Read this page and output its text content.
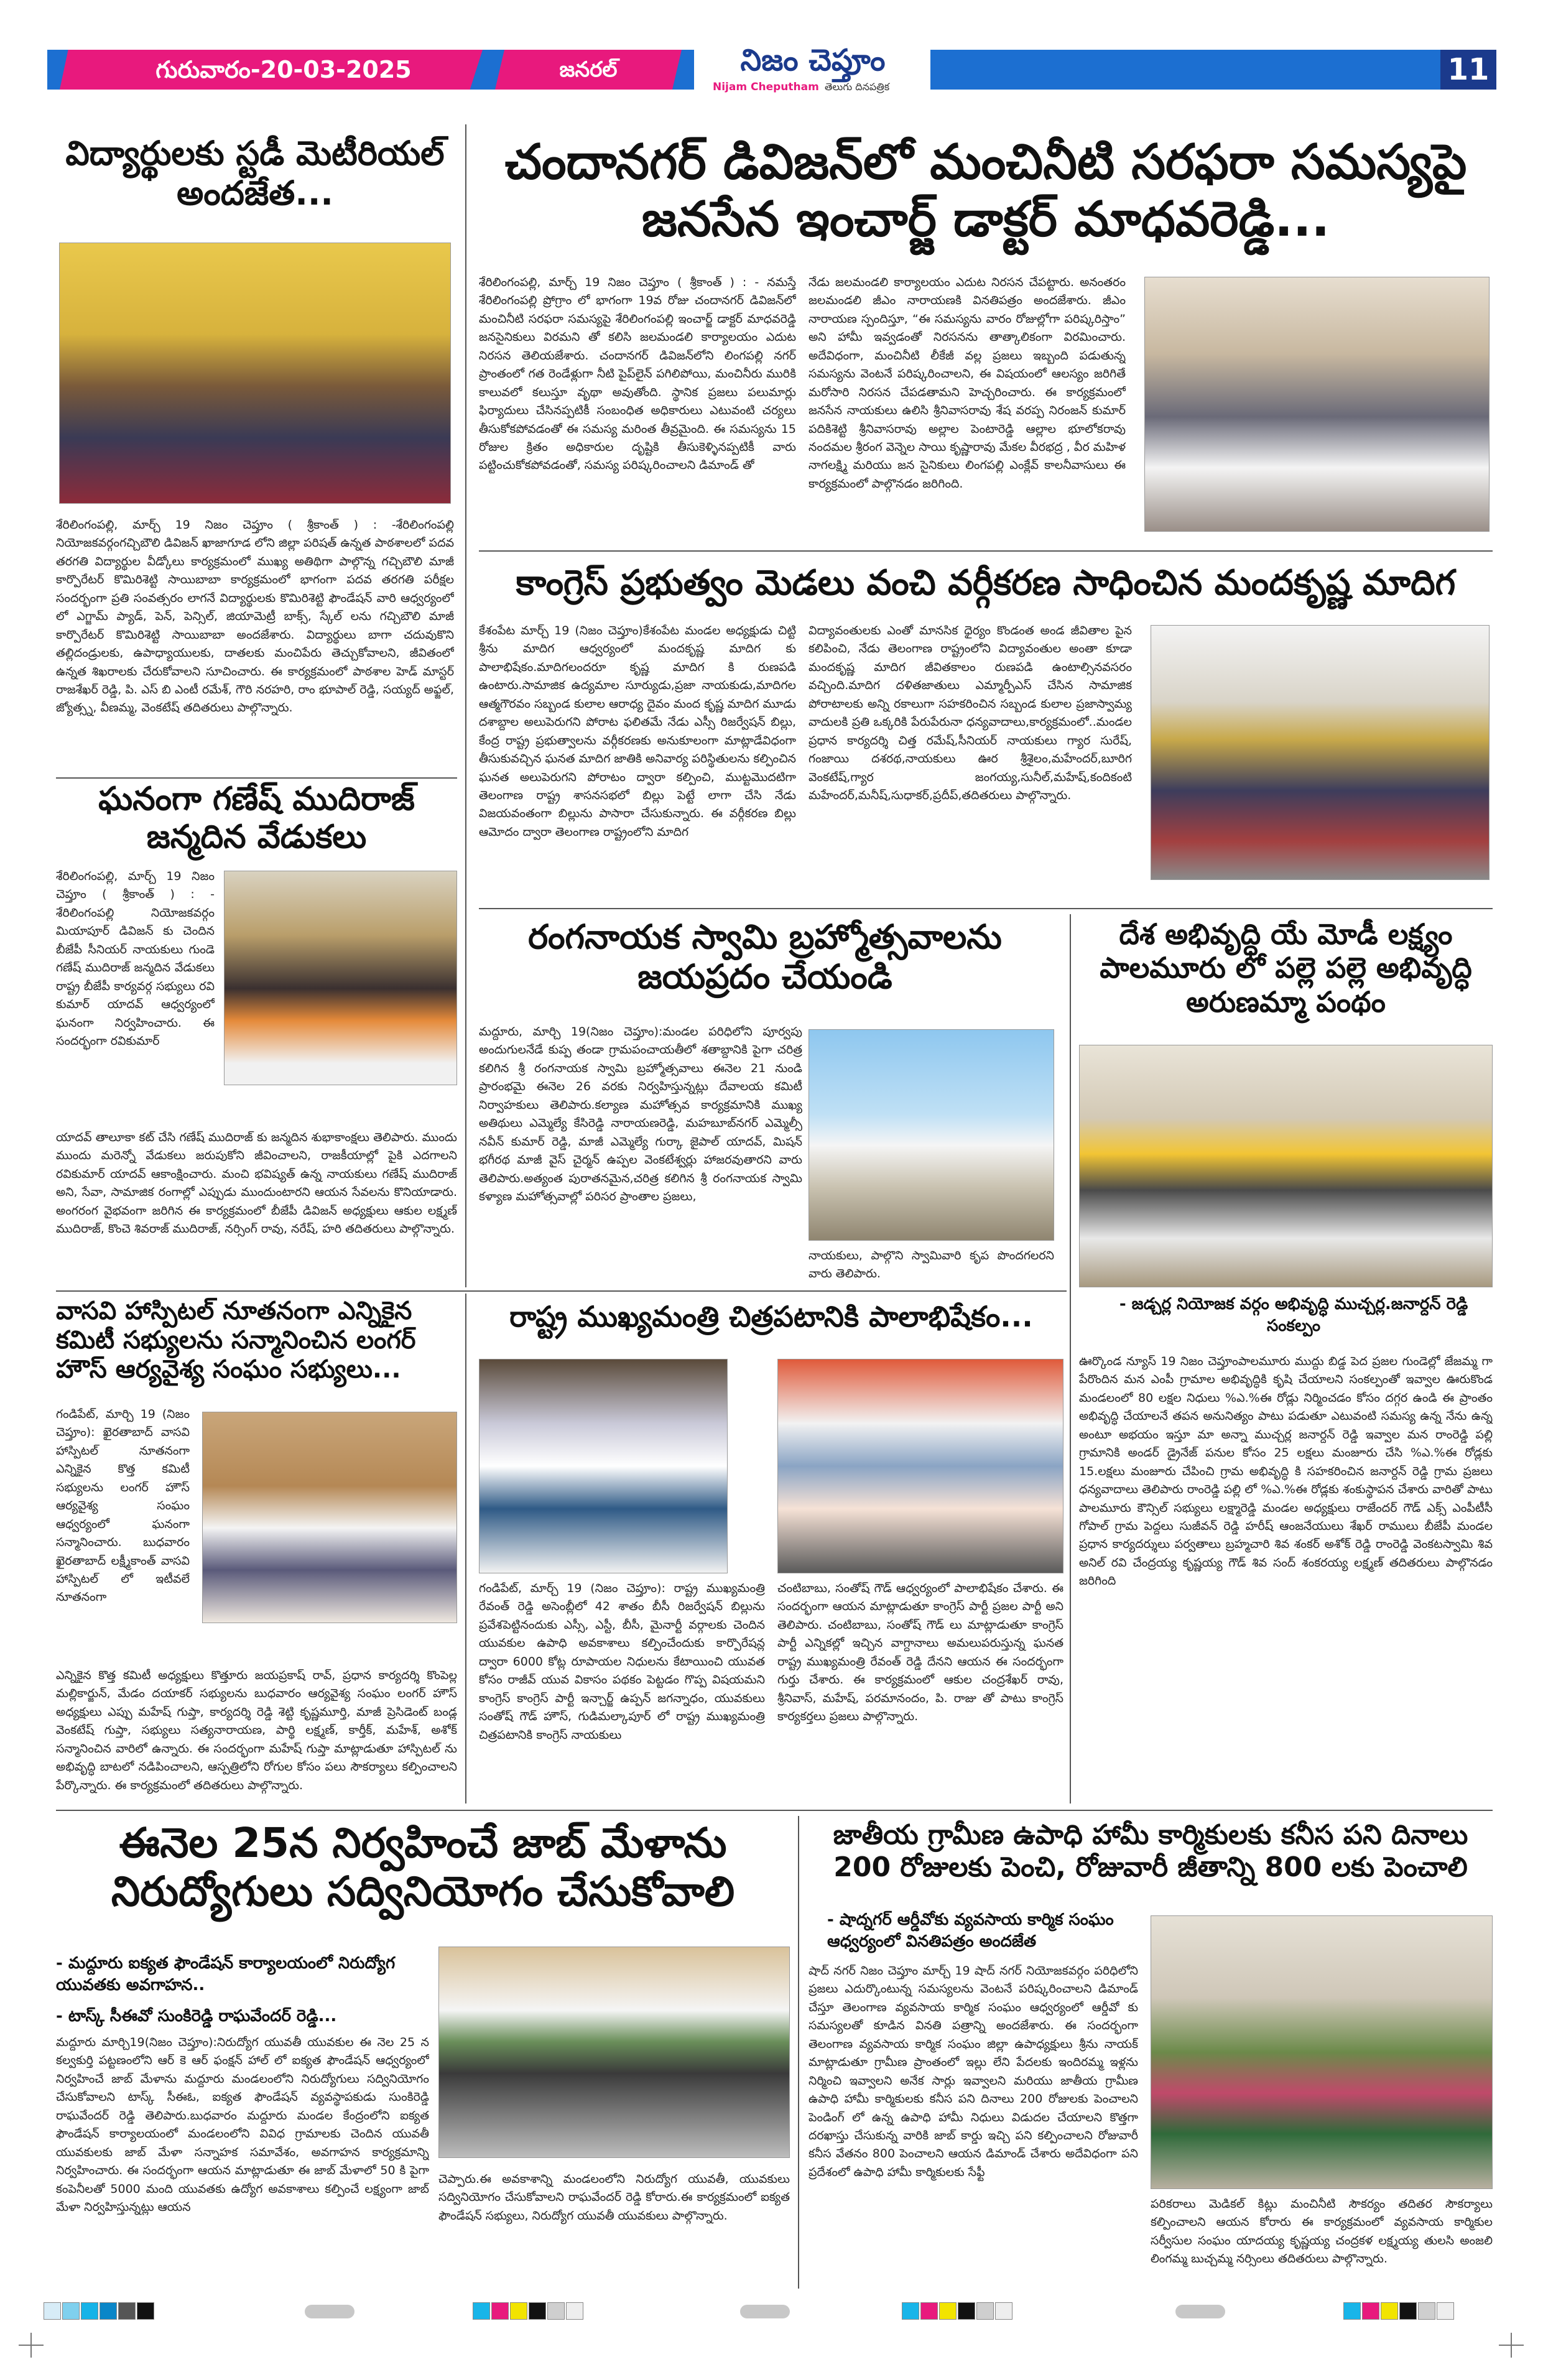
గురువారం-20-03-2025	జనరల్	నిజం చెప్తూం
Nijam Cheputham తెలుగు దినపత్రిక	11
విద్యార్థులకు స్టడీ మెటీరియల్ అందజేత...
శేరిలింగంపల్లి, మార్చ్ 19 నిజం చెప్తూం ( శ్రీకాంత్ ) : -శేరిలింగంపల్లి నియోజకవర్గంగచ్చిబౌలి డివిజన్ ఖాజాగూడ లోని జిల్లా పరిషత్ ఉన్నత పాఠశాలలో పదవ తరగతి విద్యార్థుల వీడ్కోలు కార్యక్రమంలో ముఖ్య అతిథిగా పాల్గొన్న గచ్చిబౌలి మాజీ కార్పొరేటర్ కొమిరిశెట్టి సాయిబాబా కార్యక్రమంలో భాగంగా పదవ తరగతి పరీక్షల సందర్భంగా ప్రతి సంవత్సరం లాగనే విద్యార్థులకు కొమిరిశెట్టి ఫౌండేషన్ వారి ఆధ్వర్యంలో లో ఎగ్జామ్ ప్యాడ్, పెన్, పెన్సిల్, జియామెట్రీ బాక్స్, స్కేల్ లను గచ్చిబౌలి మాజీ కార్పొరేటర్ కొమిరిశెట్టి సాయిబాబా అందజేశారు. విద్యార్థులు బాగా చదువుకొని తల్లిదండ్రులకు, ఉపాధ్యాయులకు, దాతలకు మంచిపేరు తెచ్చుకోవాలని, జీవితంలో ఉన్నత శిఖరాలకు చేరుకోవాలని సూచించారు. ఈ కార్యక్రమంలో పాఠశాల హెడ్ మాస్టర్ రాజశేఖర్ రెడ్డి, పి. ఎస్ బి ఎంటీ రమేశ్, గౌరి నరహరి, రాం భూపాల్ రెడ్డి, సయ్యద్ అఫ్జల్, జ్యోత్స్న, వీణమ్మ, వెంకటేష్ తదితరులు పాల్గొన్నారు.
చందానగర్ డివిజన్‌లో మంచినీటి సరఫరా సమస్యపై జనసేన ఇంచార్జ్ డాక్టర్ మాధవరెడ్డి...
శేరిలింగంపల్లి, మార్చ్ 19 నిజం చెప్తూం ( శ్రీకాంత్ ) : - నమస్తే శేరిలింగంపల్లి ప్రోగ్రాం లో భాగంగా 19వ రోజు చందానగర్ డివిజన్‌లో మంచినీటి సరఫరా సమస్యపై శేరిలింగంపల్లి ఇంచార్జ్ డాక్టర్ మాధవరెడ్డి జనసైనికులు విరమని తో కలిసి జలమండలి కార్యాలయం ఎదుట నిరసన తెలియజేశారు. చందానగర్ డివిజన్‌లోని లింగపల్లి నగర్ ప్రాంతంలో గత రెండేళ్లుగా నీటి పైప్‌లైన్ పగిలిపోయి, మంచినీరు మురికి కాలువలో కలుస్తూ వృథా అవుతోంది. స్థానిక ప్రజలు పలుమార్లు ఫిర్యాదులు చేసినప్పటికీ సంబంధిత అధికారులు ఎటువంటి చర్యలు తీసుకోకపోవడంతో ఈ సమస్య మరింత తీవ్రమైంది. ఈ సమస్యను 15 రోజుల క్రితం అధికారుల దృష్టికి తీసుకెళ్ళినప్పటికీ వారు పట్టించుకోకపోవడంతో, సమస్య పరిష్కరించాలని డిమాండ్ తో
నేడు జలమండలి కార్యాలయం ఎదుట నిరసన చేపట్టారు. అనంతరం జలమండలి జీఎం నారాయణకి వినతిపత్రం అందజేశారు. జీఎం నారాయణ స్పందిస్తూ, “ఈ సమస్యను వారం రోజుల్లోగా పరిష్కరిస్తాం” అని హామీ ఇవ్వడంతో నిరసనను తాత్కాలికంగా విరమించారు. అదేవిధంగా, మంచినీటి లీకేజీ వల్ల ప్రజలు ఇబ్బంది పడుతున్న సమస్యను వెంటనే పరిష్కరించాలని, ఈ విషయంలో ఆలస్యం జరిగితే మరోసారి నిరసన చేపడతామని హెచ్చరించారు. ఈ కార్యక్రమంలో జనసేన నాయకులు ఉలిసి శ్రీనివాసరావు శేష వరప్ప నిరంజన్ కుమార్ పదికిశెట్టి శ్రీనివాసరావు అల్లాల పెంటారెడ్డి ఆల్లాల భూలోకరావు నందమల శ్రీరంగ వెన్నెల సాయి కృష్ణారావు మేకల వీరభద్ర , వీర మహిళ నాగలక్ష్మి మరియు జన సైనికులు లింగపల్లి ఎంక్లేవ్ కాలనీవాసులు ఈ కార్యక్రమంలో పాల్గొనడం జరిగింది.
కాంగ్రెస్ ప్రభుత్వం మెడలు వంచి వర్గీకరణ సాధించిన మందకృష్ణ మాదిగ
కేశంపేట మార్చ్ 19 (నిజం చెప్తూం)కేశంపేట మండల అధ్యక్షుడు చిట్టి శ్రీను మాదిగ ఆధ్వర్యంలో మందకృష్ణ మాదిగ కు పాలాభిషేకం.మాదిగలందరూ కృష్ణ మాదిగ కి రుణపడి ఉంటారు.సామాజిక ఉద్యమాల సూర్యుడు,ప్రజా నాయకుడు,మాదిగల ఆత్మగౌరవం సబ్బండ కులాల ఆరాధ్య దైవం మంద కృష్ణ మాదిగ మూడు దశాబ్దాల అలుపెరుగని పోరాట ఫలితమే నేడు ఎస్సీ రిజర్వేషన్ బిల్లు, కేంద్ర రాష్ట్ర ప్రభుత్వాలను వర్గీకరణకు అనుకూలంగా మాట్లాడేవిధంగా తీసుకువచ్చిన ఘనత మాదిగ జాతికి అనివార్య పరిస్థితులను కల్పించిన ఘనత అలుపెరుగని పోరాటం ద్వారా కల్పించి, ముట్టమొదటిగా తెలంగాణ రాష్ట్ర శాసనసభలో బిల్లు పెట్టే లాగా చేసి నేడు విజయవంతంగా బిల్లును పాసారా చేసుకున్నారు. ఈ వర్గీకరణ బిల్లు ఆమోదం ద్వారా తెలంగాణ రాష్ట్రంలోని మాదిగ
విద్యావంతులకు ఎంతో మానసిక ధైర్యం కొండంత అండ జీవితాల పైన కలిపించి, నేడు తెలంగాణ రాష్ట్రంలోని విద్యావంతుల అంతా కూడా మందకృష్ణ మాదిగ జీవితకాలం రుణపడి ఉంటాల్సినవసరం వచ్చింది.మాదిగ దళితజాతులు ఎమ్మార్పీఎస్ చేసిన సామాజిక పోరాటాలకు అన్ని రకాలుగా సహకరించిన సబ్బండ కులాల ప్రజాస్వామ్య వాదులకి ప్రతి ఒక్కరికి పేరుపేరునా ధన్యవాదాలు,కార్యక్రమంలో..మండల ప్రధాన కార్యదర్శి చిత్త రమేష్,సీనియర్ నాయకులు గ్యార సురేష్, గంజాయి దశరథ,నాయకులు ఊర శ్రీశైలం,మహేందర్,బూరిగ వెంకటేష్,గ్యార జంగయ్య,సునీల్,మహేష్,కందికంటి మహేందర్,మనీష్,సుధాకర్,ప్రదీప్,తదితరులు పాల్గొన్నారు.
ఘనంగా గణేష్ ముదిరాజ్ జన్మదిన వేడుకలు
శేరిలింగంపల్లి, మార్చ్ 19 నిజం చెప్తూం ( శ్రీకాంత్ ) : - శేరిలింగంపల్లి నియోజకవర్గం మియాపూర్ డివిజన్ కు చెందిన బీజేపీ సీనియర్ నాయకులు గుండె గణేష్ ముదిరాజ్ జన్మదిన వేడుకలు రాష్ట్ర బీజేపీ కార్యవర్గ సభ్యులు రవి కుమార్ యాదవ్ ఆధ్వర్యంలో ఘనంగా నిర్వహించారు. ఈ సందర్భంగా రవికుమార్
యాదవ్ తాలూకా కట్ చేసి గణేష్ ముదిరాజ్ కు జన్మదిన శుభాకాంక్షలు తెలిపారు. ముందు ముందు మరెన్నో వేడుకలు జరుపుకోని జీవించాలని, రాజకీయాల్లో పైకి ఎదగాలని రవికుమార్ యాదవ్ ఆకాంక్షించారు. మంచి భవిష్యత్ ఉన్న నాయకులు గణేష్ ముదిరాజ్ అని, సేవా, సామాజిక రంగాల్లో ఎప్పుడు ముందుంటారని ఆయన సేవలను కొనియాడారు. అంగరంగ వైభవంగా జరిగిన ఈ కార్యక్రమంలో బీజేపీ డివిజన్ అధ్యక్షులు ఆకుల లక్ష్మణ్ ముదిరాజ్, కొంచె శివరాజ్ ముదిరాజ్, నర్సింగ్ రావు, నరేష్, హరి తదితరులు పాల్గొన్నారు.
రంగనాయక స్వామి బ్రహ్మోత్సవాలను జయప్రదం చేయండి
మద్దూరు, మార్చి 19(నిజం చెప్తూం):మండల పరిధిలోని పూర్వపు అందుగులనేడే కుప్ప తండా గ్రామపంచాయతీలో శతాబ్దానికి పైగా చరిత్ర కలిగిన శ్రీ రంగనాయక స్వామి బ్రహ్మోత్సవాలు ఈనెల 21 నుండి ప్రారంభమై ఈనెల 26 వరకు నిర్వహిస్తున్నట్లు దేవాలయ కమిటీ నిర్వాహకులు తెలిపారు.కల్యాణ మహోత్సవ కార్యక్రమానికి ముఖ్య అతిథులు ఎమ్మెల్యే కేసిరెడ్డి నారాయణరెడ్డి, మహబూబ్‌నగర్ ఎమ్మెల్సీ నవీన్ కుమార్ రెడ్డి, మాజీ ఎమ్మెల్యే గుర్కా జైపాల్ యాదవ్, మిషన్ భగీరథ మాజీ వైస్ చైర్మన్ ఉప్పల వెంకటేశ్వర్లు హాజరవుతారని వారు తెలిపారు.అత్యంత పురాతనమైన,చరిత్ర కలిగిన శ్రీ రంగనాయక స్వామి కళ్యాణ మహోత్సవాల్లో పరిసర ప్రాంతాల ప్రజలు,
నాయకులు, పాల్గొని స్వామివారి కృప పొందగలరని వారు తెలిపారు.
దేశ అభివృద్ధి యే మోడీ లక్ష్యం పాలమూరు లో పల్లె పల్లె అభివృద్ధి అరుణమ్మా పంథం
- జడ్చర్ల నియోజక వర్గం అభివృద్ధి ముచ్చర్ల.జనార్దన్ రెడ్డి సంకల్పం
ఊర్కొండ న్యూస్ 19 నిజం చెప్తూంపాలమూరు ముద్దు బిడ్డ పెద ప్రజల గుండెల్లో జేజమ్మ గా పేరొందిన మన ఎంపీ గ్రామాల అభివృద్ధికి కృషి చేయాలని సంకల్పంతో ఇవ్వాల ఊరుకొండ మండలంలో 80 లక్షల నిధులు %ఎ.%ఈ రోడ్లు నిర్మించడం కోసం దగ్గర ఉండి ఈ ప్రాంతం అభివృద్ధి చేయాలనే తపన అనునిత్యం పాటు పడుతూ ఎటువంటి సమస్య ఉన్న నేను ఉన్న అంటూ అభయం ఇస్తూ మా అన్నా ముచ్చర్ల జనార్దన్ రెడ్డి ఇవ్వాల మన రాంరెడ్డి పల్లి గ్రామానికి అండర్ డ్రైనేజ్ పనుల కోసం 25 లక్షలు మంజూరు చేసి %ఎ.%ఈ రోడ్లకు 15.లక్షలు మంజూరు చేపించి గ్రామ అభివృద్ధి కి సహకరించిన జనార్దన్ రెడ్డి గ్రామ ప్రజలు ధన్యవాదాలు తెలిపారు రాంరెడ్డి పల్లి లో %ఎ.%ఈ రోడ్లకు శంకుస్థాపన చేశారు వారితో పాటు పాలమూరు కౌన్సిల్ సభ్యులు లక్ష్మారెడ్డి మండల అధ్యక్షులు రాజేందర్ గౌడ్ ఎక్స్ ఎంపీటీసీ గోపాల్ గ్రామ పెద్దలు సుజీవన్ రెడ్డి హరీష్ ఆంజనేయులు శేఖర్ రాములు బీజేపీ మండల ప్రధాన కార్యదర్శులు పర్వతాలు బ్రహ్మచారి శివ శంకర్ అశోక్ రెడ్డి రాంరెడ్డి వెంకటస్వామి శివ అనిల్ రవి చేంద్రయ్య కృష్ణయ్య గౌడ్ శివ సంద్ శంకరయ్య లక్ష్మణ్ తదితరులు పాల్గొనడం జరిగింది
వాసవి హాస్పిటల్ నూతనంగా ఎన్నికైన కమిటీ సభ్యులను సన్మానించిన లంగర్ హౌస్ ఆర్యవైశ్య సంఘం సభ్యులు...
గండిపేట్, మార్చి 19 (నిజం చెప్తూం): ఖైరతాబాద్ వాసవి హాస్పిటల్ నూతనంగా ఎన్నికైన కొత్త కమిటీ సభ్యులను లంగర్ హౌస్ ఆర్యవైశ్య సంఘం ఆధ్వర్యంలో ఘనంగా సన్మానించారు. బుధవారం ఖైరతాబాద్ లక్ష్మీకాంత్ వాసవి హాస్పిటల్ లో ఇటీవలే నూతనంగా
ఎన్నికైన కొత్త కమిటీ అధ్యక్షులు కొత్తూరు జయప్రకాష్ రావ్, ప్రధాన కార్యదర్శి కొంపెల్ల మల్లికార్జున్, మేడం దయాకర్ సభ్యులను బుధవారం ఆర్యవైశ్య సంఘం లంగర్ హౌస్ అధ్యక్షులు ఎప్పు మహేష్ గుప్తా, కార్యదర్శి రెడ్డి శెట్టి కృష్ణమూర్తి, మాజీ ప్రెసిడెంట్ బండ్ల వెంకటేష్ గుప్తా, సభ్యులు సత్యనారాయణ, పార్థి లక్ష్మణ్, కార్తీక్, మహేశ్, అశోక్ సన్మానించిన వారిలో ఉన్నారు. ఈ సందర్భంగా మహేష్ గుప్తా మాట్లాడుతూ హాస్పిటల్ ను అభివృద్ధి బాటలో నడిపించాలని, ఆస్పత్రిలోని రోగుల కోసం పలు సౌకర్యాలు కల్పించాలని పేర్కొన్నారు. ఈ కార్యక్రమంలో తదితరులు పాల్గొన్నారు.
రాష్ట్ర ముఖ్యమంత్రి చిత్రపటానికి పాలాభిషేకం...
గండిపేట్, మార్చ్ 19 (నిజం చెప్తూం): రాష్ట్ర ముఖ్యమంత్రి రేవంత్ రెడ్డి అసెంబ్లీలో 42 శాతం బీసీ రిజర్వేషన్ బిల్లును ప్రవేశపెట్టినందుకు ఎస్సీ, ఎస్టీ, బీసీ, మైనార్టీ వర్గాలకు చెందిన యువకుల ఉపాధి అవకాశాలు కల్పించేందుకు కార్పొరేషన్ల ద్వారా 6000 కోట్ల రూపాయల నిధులను కేటాయించి యువత కోసం రాజీవ్ యువ వికాసం పథకం పెట్టడం గొప్ప విషయమని కాంగ్రెస్ కాంగ్రెస్ పార్టీ ఇన్చార్జ్ ఉప్పన్ జగన్నాధం, యువకులు సంతోష్ గౌడ్ హౌస్, గుడిమల్కాపూర్ లో రాష్ట్ర ముఖ్యమంత్రి చిత్రపటానికి కాంగ్రెస్ నాయకులు
చంటిబాబు, సంతోష్ గౌడ్ ఆధ్వర్యంలో పాలాభిషేకం చేశారు. ఈ సందర్భంగా ఆయన మాట్లాడుతూ కాంగ్రెస్ పార్టీ ప్రజల పార్టీ అని తెలిపారు. చంటిబాబు, సంతోష్ గౌడ్ లు మాట్లాడుతూ కాంగ్రెస్ పార్టీ ఎన్నికల్లో ఇచ్చిన వాగ్దానాలు అమలుపరుస్తున్న ఘనత రాష్ట్ర ముఖ్యమంత్రి రేవంత్ రెడ్డి దేనని ఆయన ఈ సందర్భంగా గుర్తు చేశారు. ఈ కార్యక్రమంలో ఆకుల చంద్రశేఖర్ రావు, శ్రీనివాస్, మహేష్, పరమానందం, పి. రాజు తో పాటు కాంగ్రెస్ కార్యకర్తలు ప్రజలు పాల్గొన్నారు.
ఈనెల 25న నిర్వహించే జాబ్ మేళాను నిరుద్యోగులు సద్వినియోగం చేసుకోవాలి
- మద్దూరు ఐక్యత ఫౌండేషన్ కార్యాలయంలో నిరుద్యోగ యువతకు అవగాహన..
- టాస్క్ సీఈవో సుంకిరెడ్డి రాఘవేందర్ రెడ్డి...
మద్దూరు మార్చి19(నిజం చెప్తూం):నిరుద్యోగ యువతీ యువకుల ఈ నెల 25 న కల్వకుర్తి పట్టణంలోని ఆర్ కె ఆర్ ఫంక్షన్ హాల్ లో ఐక్యత ఫౌండేషన్ ఆధ్వర్యంలో నిర్వహించే జాబ్ మేళాను మద్దూరు మండలంలోని నిరుద్యోగులు సద్వినియోగం చేసుకోవాలని టాస్క్ సీఈఓ, ఐక్యత ఫౌండేషన్ వ్యవస్థాపకుడు సుంకిరెడ్డి రాఘవేందర్ రెడ్డి తెలిపారు.బుధవారం మద్దూరు మండల కేంద్రంలోని ఐక్యత ఫౌండేషన్ కార్యాలయంలో మండలంలోని వివిధ గ్రామాలకు చెందిన యువతీ యువకులకు జాబ్ మేళా సన్నాహక సమావేశం, అవగాహన కార్యక్రమాన్ని నిర్వహించారు. ఈ సందర్భంగా ఆయన మాట్లాడుతూ ఈ జాబ్ మేళాలో 50 కి పైగా కంపెనీలతో 5000 మంది యువతకు ఉద్యోగ అవకాశాలు కల్పించే లక్ష్యంగా జాబ్ మేళా నిర్వహిస్తున్నట్లు ఆయన
చెప్పారు.ఈ అవకాశాన్ని మండలంలోని నిరుద్యోగ యువతీ, యువకులు సద్వినియోగం చేసుకోవాలని రాఘవేందర్ రెడ్డి కోరారు.ఈ కార్యక్రమంలో ఐక్యత ఫౌండేషన్ సభ్యులు, నిరుద్యోగ యువతీ యువకులు పాల్గొన్నారు.
జాతీయ గ్రామీణ ఉపాధి హామీ కార్మికులకు కనీస పని దినాలు 200 రోజులకు పెంచి, రోజువారీ జీతాన్ని 800 లకు పెంచాలి
- షాద్నగర్ ఆర్డీవోకు వ్యవసాయ కార్మిక సంఘం ఆధ్వర్యంలో వినతిపత్రం అందజేత
షాద్ నగర్ నిజం చెప్తూం మార్చ్ 19 షాద్ నగర్ నియోజకవర్గం పరిధిలోని ప్రజలు ఎదుర్కొంటున్న సమస్యలను వెంటనే పరిష్కరించాలని డిమాండ్ చేస్తూ తెలంగాణ వ్యవసాయ కార్మిక సంఘం ఆధ్వర్యంలో ఆర్డీవో కు సమస్యలతో కూడిన వినతి పత్రాన్ని అందజేశారు. ఈ సందర్భంగా తెలంగాణ వ్యవసాయ కార్మిక సంఘం జిల్లా ఉపాధ్యక్షులు శ్రీను నాయక్ మాట్లాడుతూ గ్రామీణ ప్రాంతంలో ఇల్లు లేని పేదలకు ఇందిరమ్మ ఇళ్లను నిర్మించి ఇవ్వాలని అనేక సార్లు ఇవ్వాలని మరియు జాతీయ గ్రామీణ ఉపాధి హామీ కార్మికులకు కనీస పని దినాలు 200 రోజులకు పెంచాలని పెండింగ్ లో ఉన్న ఉపాధి హామీ నిధులు విడుదల చేయాలని కొత్తగా దరఖాస్తు చేసుకున్న వారికి జాబ్ కార్డు ఇచ్చి పని కల్పించాలని రోజువారీ కనీస వేతనం 800 పెంచాలని ఆయన డిమాండ్ చేశారు అదేవిధంగా పని ప్రదేశంలో ఉపాధి హామీ కార్మికులకు సేఫ్టీ
పరికరాలు మెడికల్ కిట్లు మంచినీటి సౌకర్యం తదితర సౌకర్యాలు కల్పించాలని ఆయన కోరారు ఈ కార్యక్రమంలో వ్యవసాయ కార్మికుల సర్వీసుల సంఘం యాదయ్య కృష్ణయ్య చంద్రకళ లక్ష్మయ్య తులసి అంజలి లింగమ్మ బుచ్చమ్మ నర్సింలు తదితరులు పాల్గొన్నారు.
